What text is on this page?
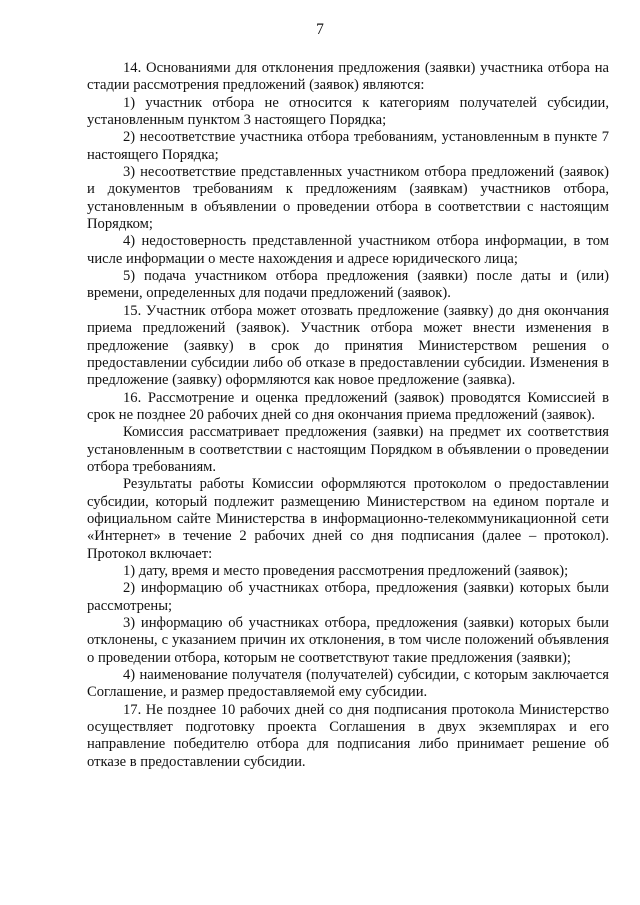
7

14. Основаниями для отклонения предложения (заявки) участника отбора на стадии рассмотрения предложений (заявок) являются:

1) участник отбора не относится к категориям получателей субсидии, установленным пунктом 3 настоящего Порядка;

2) несоответствие участника отбора требованиям, установленным в пункте 7 настоящего Порядка;

3) несоответствие представленных участником отбора предложений (заявок) и документов требованиям к предложениям (заявкам) участников отбора, установленным в объявлении о проведении отбора в соответствии с настоящим Порядком;

4) недостоверность представленной участником отбора информации, в том числе информации о месте нахождения и адресе юридического лица;

5) подача участником отбора предложения (заявки) после даты и (или) времени, определенных для подачи предложений (заявок).

15. Участник отбора может отозвать предложение (заявку) до дня окончания приема предложений (заявок). Участник отбора может внести изменения в предложение (заявку) в срок до принятия Министерством решения о предоставлении субсидии либо об отказе в предоставлении субсидии. Изменения в предложение (заявку) оформляются как новое предложение (заявка).

16. Рассмотрение и оценка предложений (заявок) проводятся Комиссией в срок не позднее 20 рабочих дней со дня окончания приема предложений (заявок).

Комиссия рассматривает предложения (заявки) на предмет их соответствия установленным в соответствии с настоящим Порядком в объявлении о проведении отбора требованиям.

Результаты работы Комиссии оформляются протоколом о предоставлении субсидии, который подлежит размещению Министерством на едином портале и официальном сайте Министерства в информационно-телекоммуникационной сети «Интернет» в течение 2 рабочих дней со дня подписания (далее – протокол). Протокол включает:

1) дату, время и место проведения рассмотрения предложений (заявок);

2) информацию об участниках отбора, предложения (заявки) которых были рассмотрены;

3) информацию об участниках отбора, предложения (заявки) которых были отклонены, с указанием причин их отклонения, в том числе положений объявления о проведении отбора, которым не соответствуют такие предложения (заявки);

4) наименование получателя (получателей) субсидии, с которым заключается Соглашение, и размер предоставляемой ему субсидии.

17. Не позднее 10 рабочих дней со дня подписания протокола Министерство осуществляет подготовку проекта Соглашения в двух экземплярах и его направление победителю отбора для подписания либо принимает решение об отказе в предоставлении субсидии.
